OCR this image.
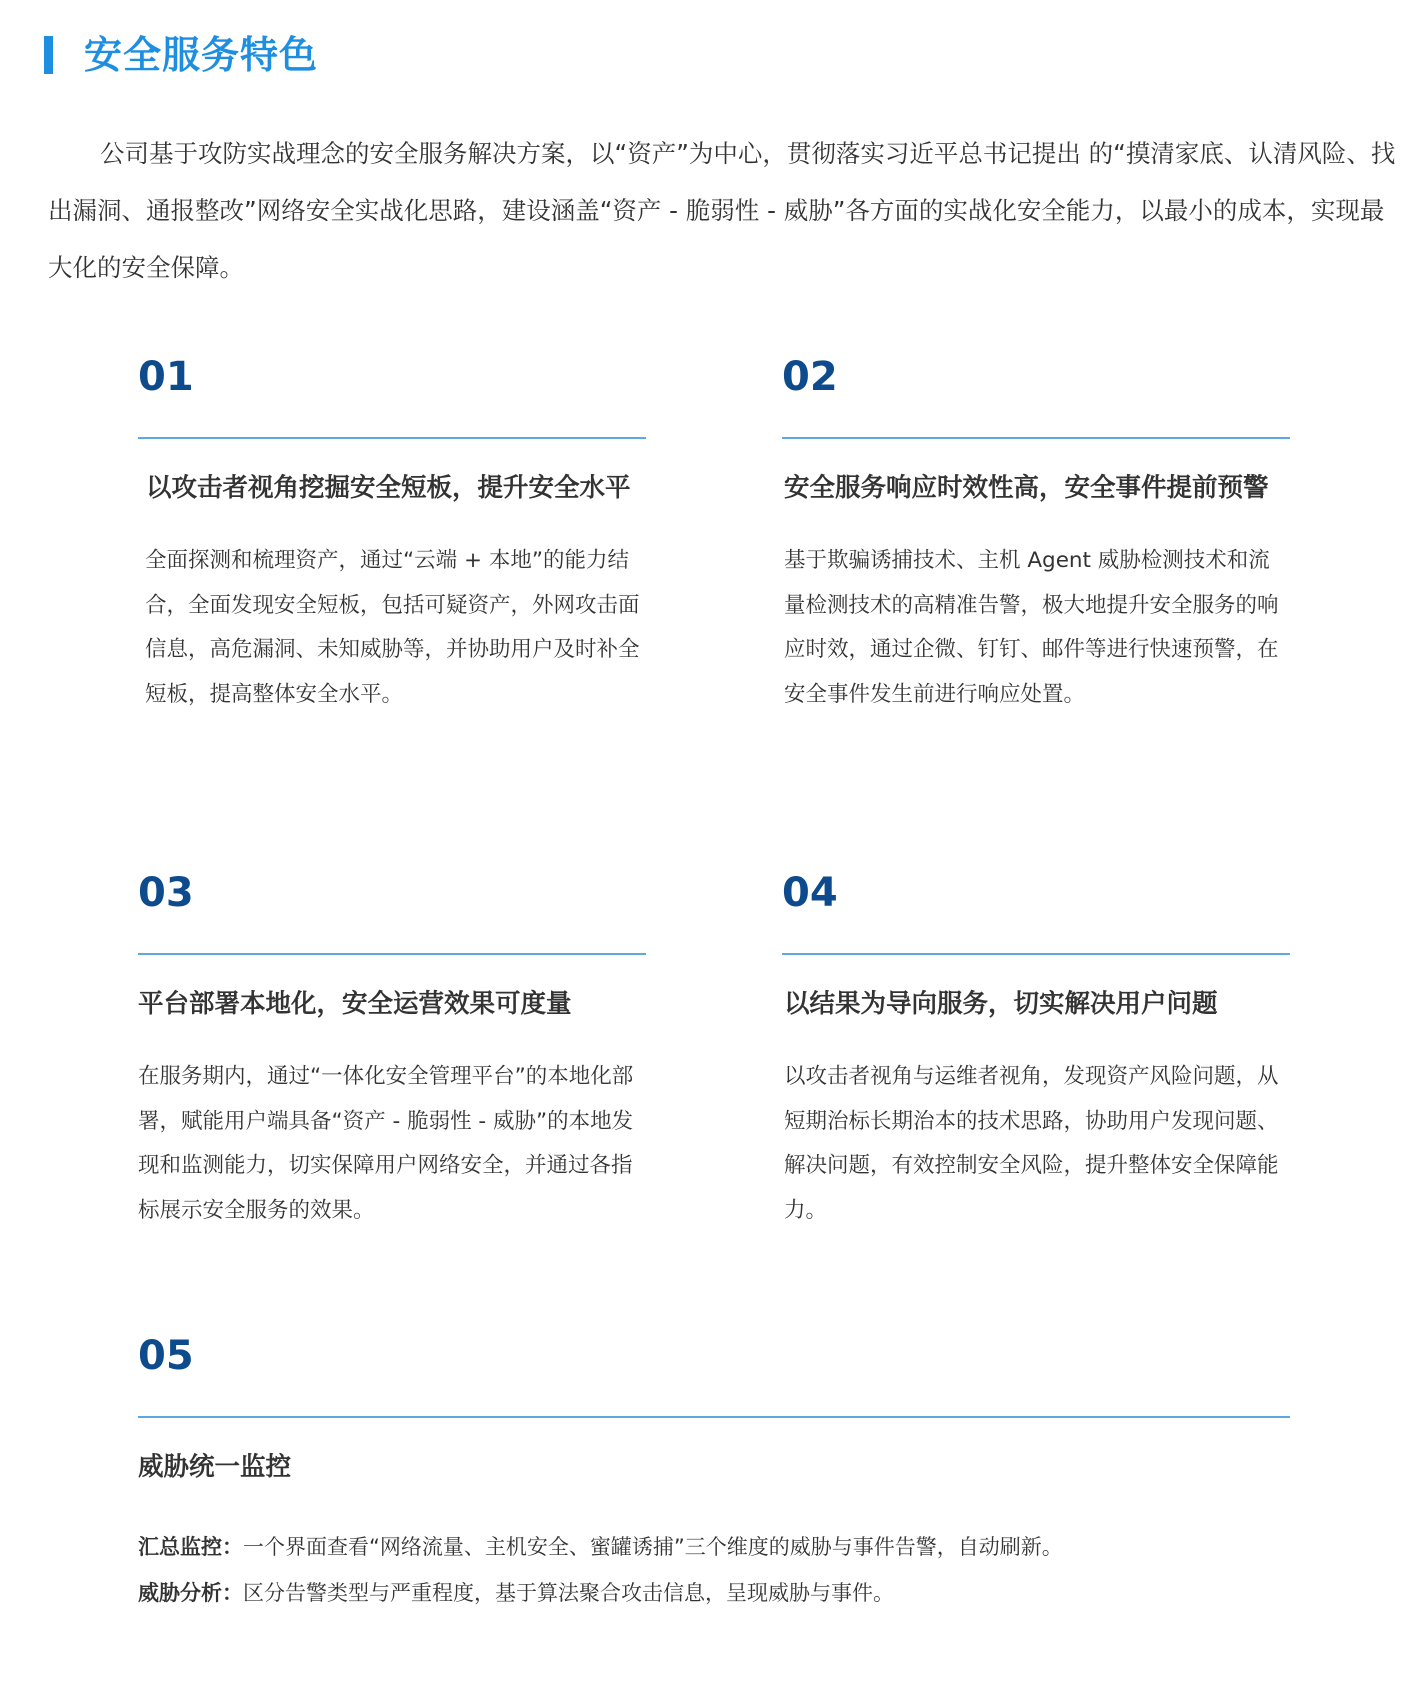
安全服务特色

公司基于攻防实战理念的安全服务解决方案，以“资产”为中心，贯彻落实习近平总书记提出 的“摸清家底、认清风险、找出漏洞、通报整改”网络安全实战化思路，建设涵盖“资产 - 脆弱性 - 威胁”各方面的实战化安全能力，以最小的成本，实现最大化的安全保障。

01
以攻击者视角挖掘安全短板，提升安全水平
全面探测和梳理资产，通过“云端 + 本地”的能力结合，全面发现安全短板，包括可疑资产，外网攻击面信息，高危漏洞、未知威胁等，并协助用户及时补全短板，提高整体安全水平。
02
安全服务响应时效性高，安全事件提前预警
基于欺骗诱捕技术、主机 Agent 威胁检测技术和流量检测技术的高精准告警，极大地提升安全服务的响应时效，通过企微、钉钉、邮件等进行快速预警，在安全事件发生前进行响应处置。
03
平台部署本地化，安全运营效果可度量
在服务期内，通过“一体化安全管理平台”的本地化部署，赋能用户端具备“资产 - 脆弱性 - 威胁”的本地发现和监测能力，切实保障用户网络安全，并通过各指标展示安全服务的效果。
04
以结果为导向服务，切实解决用户问题
以攻击者视角与运维者视角，发现资产风险问题，从短期治标长期治本的技术思路，协助用户发现问题、解决问题，有效控制安全风险，提升整体安全保障能力。
05
威胁统一监控
汇总监控：一个界面查看“网络流量、主机安全、蜜罐诱捕”三个维度的威胁与事件告警，自动刷新。
威胁分析：区分告警类型与严重程度，基于算法聚合攻击信息，呈现威胁与事件。
